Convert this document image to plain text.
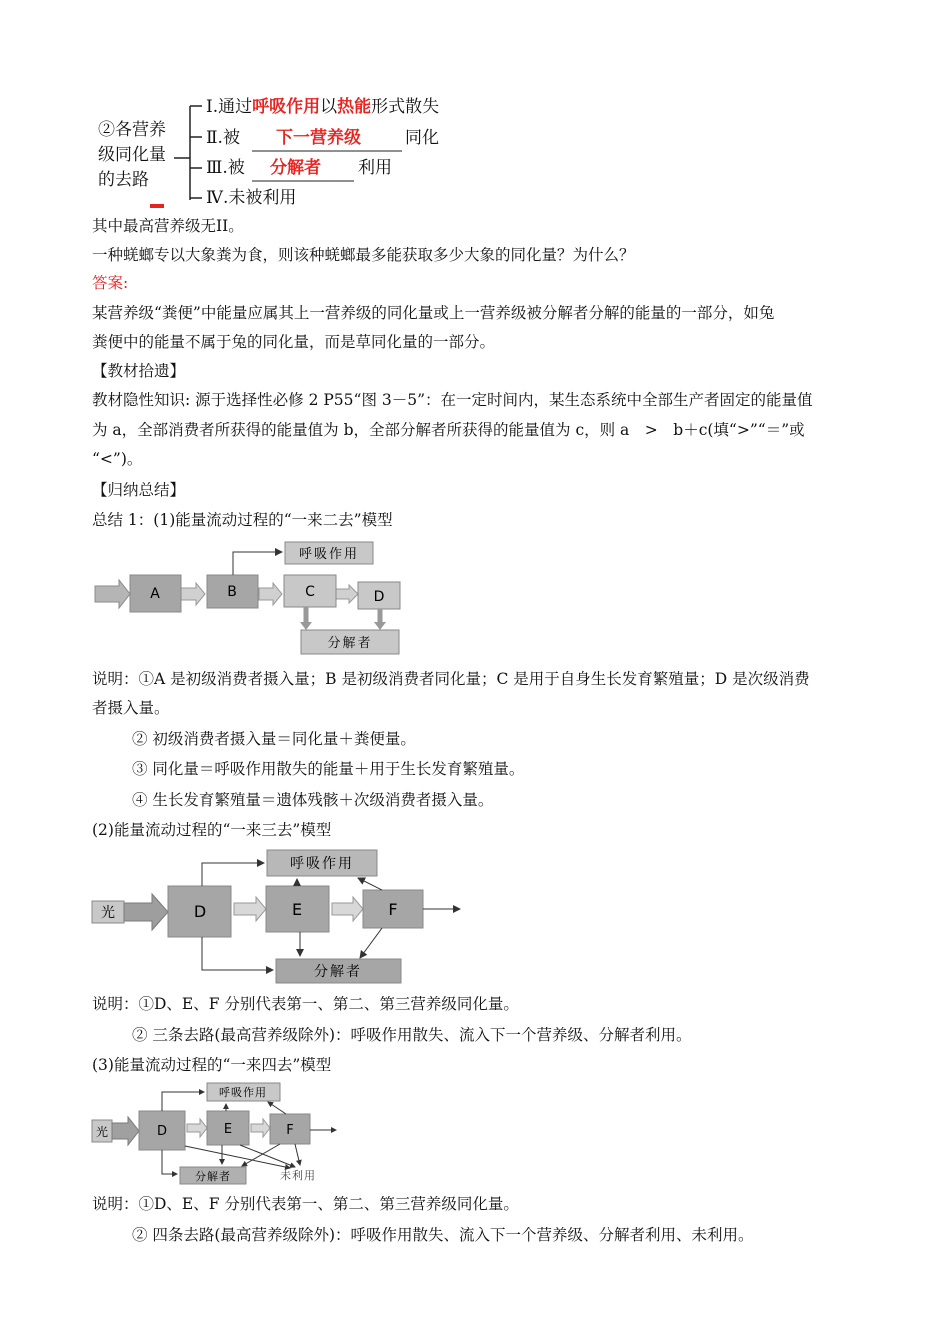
②各营养
级同化量
的去路
Ⅰ.通过呼吸作用以热能形式散失
Ⅱ.被 下一营养级	同化
Ⅲ.被 分解者 利用
Ⅳ.未被利用
其中最高营养级无II。
一种蜣螂专以大象粪为食，则该种蜣螂最多能获取多少大象的同化量？为什么？
答案:
某营养级“粪便”中能量应属其上一营养级的同化量或上一营养级被分解者分解的能量的一部分，如兔
粪便中的能量不属于兔的同化量，而是草同化量的一部分。
【教材拾遗】
教材隐性知识: 源于选择性必修 2 P55“图 3－5”：在一定时间内，某生态系统中全部生产者固定的能量值
为 a，全部消费者所获得的能量值为 b，全部分解者所获得的能量值为 c，则 a　>　b＋c(填“>”“＝”或
“<”)。
【归纳总结】
总结 1：(1)能量流动过程的“一来二去”模型
A	B	C	D
呼吸作用
分解者
说明：①A 是初级消费者摄入量；B 是初级消费者同化量；C 是用于自身生长发育繁殖量；D 是次级消费
者摄入量。
② 初级消费者摄入量＝同化量＋粪便量。
③ 同化量＝呼吸作用散失的能量＋用于生长发育繁殖量。
④ 生长发育繁殖量＝遗体残骸＋次级消费者摄入量。
(2)能量流动过程的“一来三去”模型
光	D	E	F
呼吸作用
分解者
说明：①D、E、F 分别代表第一、第二、第三营养级同化量。
② 三条去路(最高营养级除外)：呼吸作用散失、流入下一个营养级、分解者利用。
(3)能量流动过程的“一来四去”模型
光	D	E	F
呼吸作用
分解者	未利用
说明：①D、E、F 分别代表第一、第二、第三营养级同化量。
② 四条去路(最高营养级除外)：呼吸作用散失、流入下一个营养级、分解者利用、未利用。
